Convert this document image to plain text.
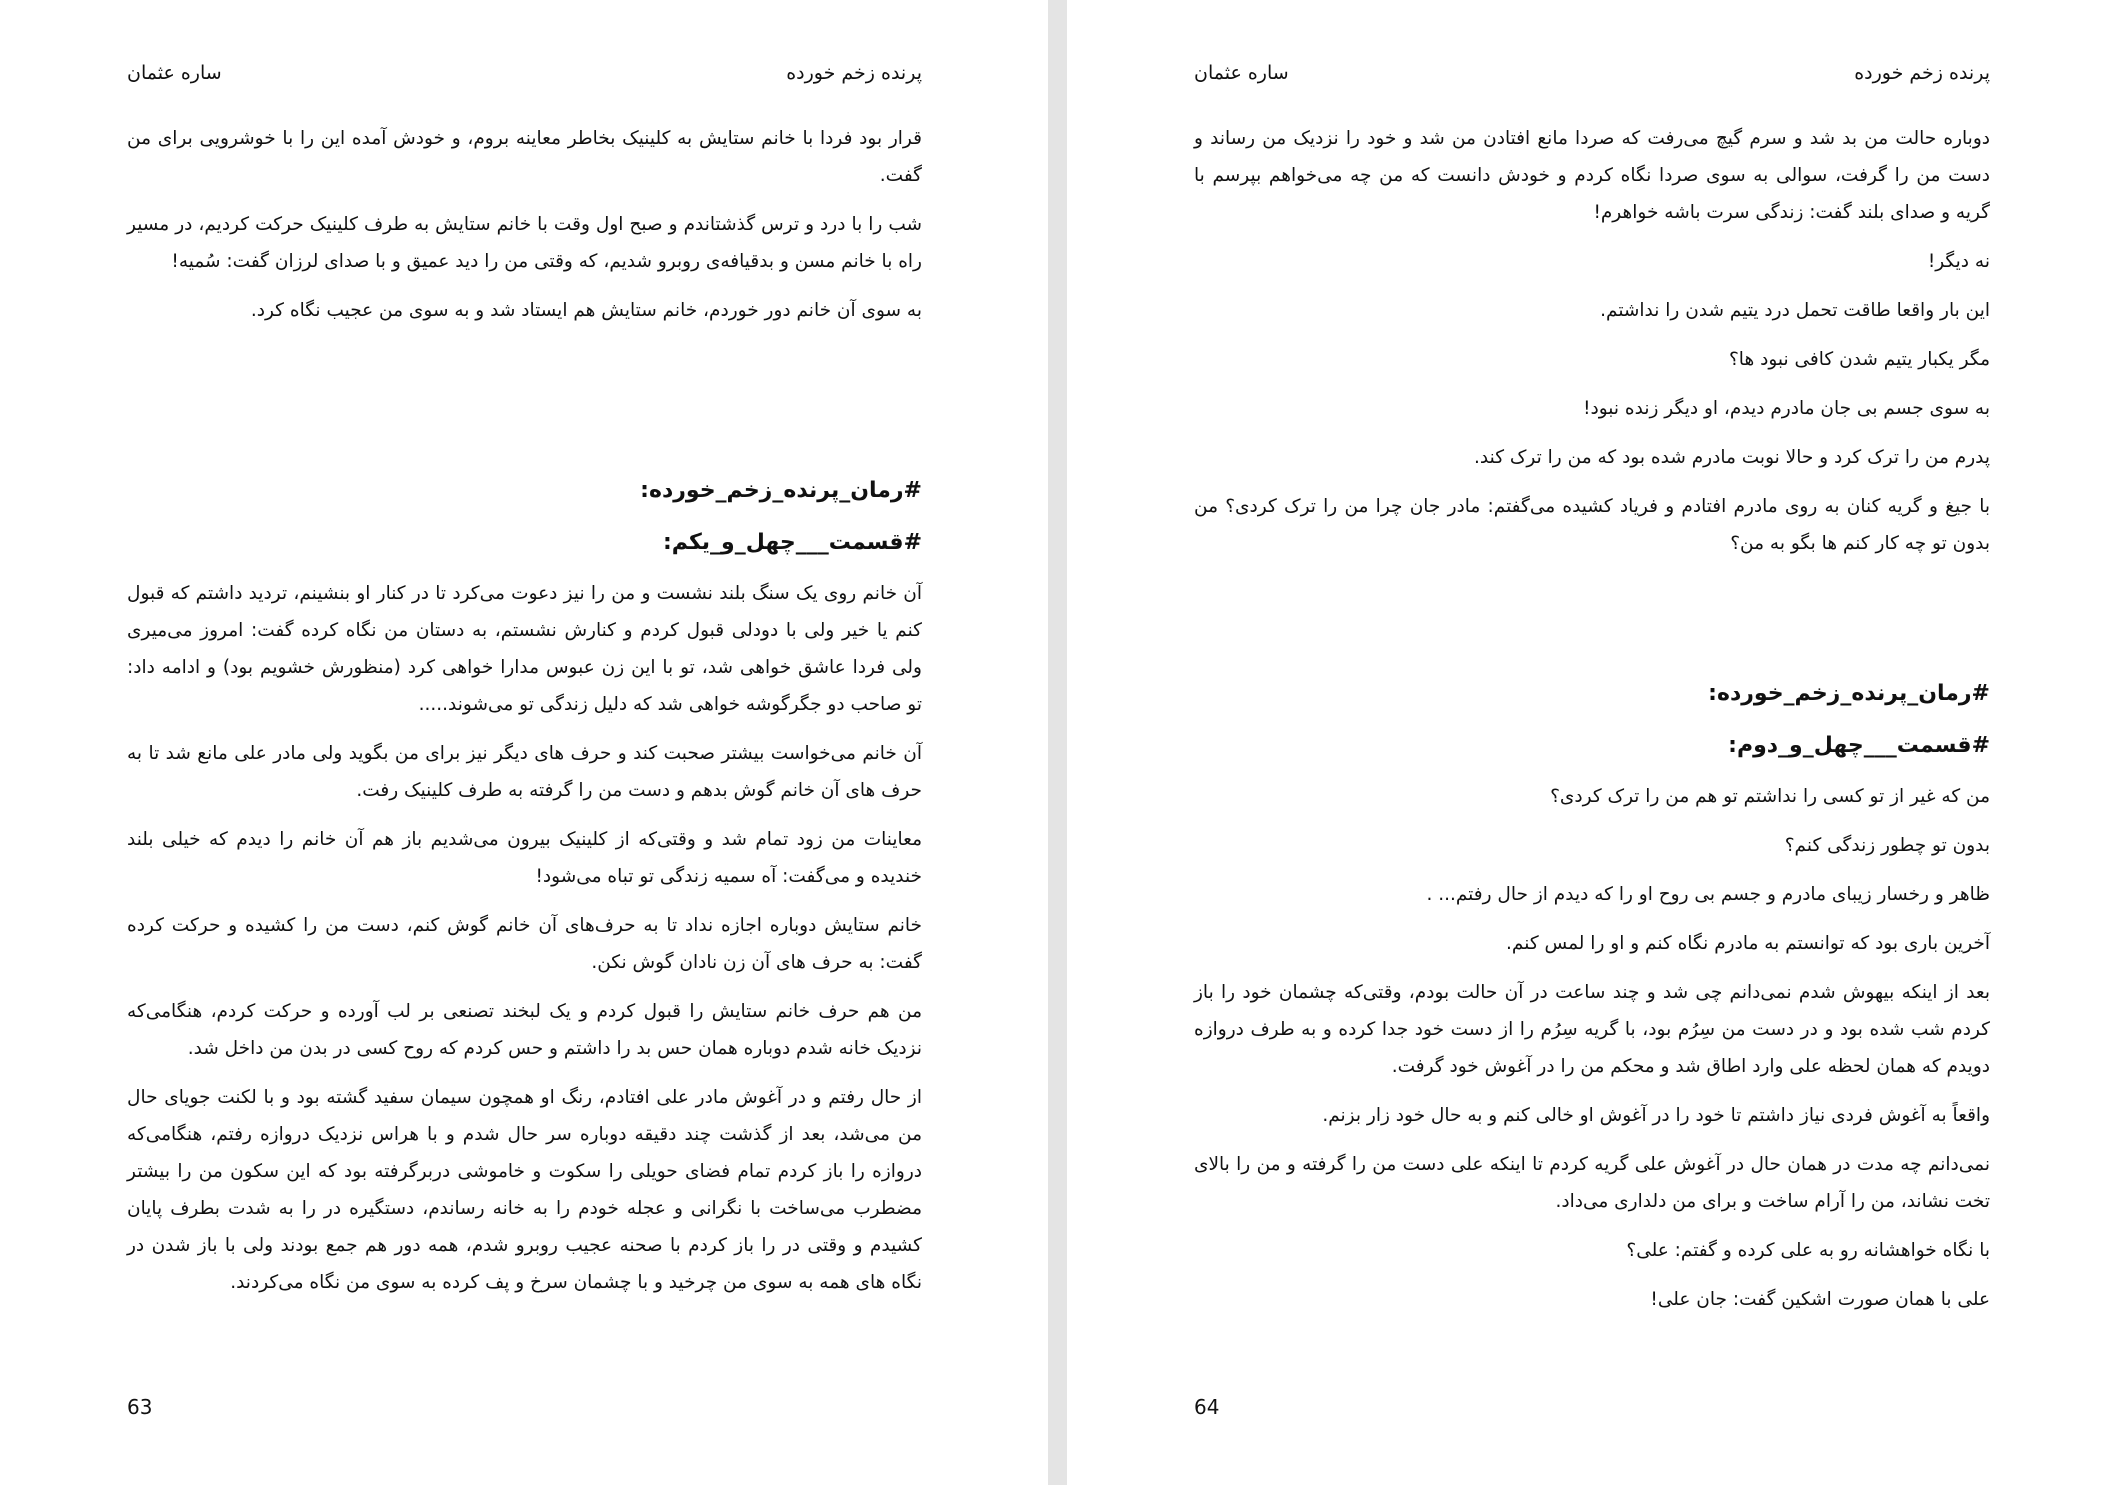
پرنده زخم خورده
ساره عثمان

قرار بود فردا با خانم ستایش به کلینیک بخاطر معاینه بروم، و خودش آمده این را با خوشرویی برای من گفت.

شب را با درد و ترس گذشتاندم و صبح اول وقت با خانم ستایش به طرف کلینیک حرکت کردیم، در مسیر راه با خانم مسن و بدقیافه‌ی روبرو شدیم، که وقتی من را دید عمیق و با صدای لرزان گفت: سُمیه!

به سوی آن خانم دور خوردم، خانم ستایش هم ایستاد شد و به سوی من عجیب نگاه کرد.

#رمان_پرنده_زخم_خورده:
#قسمت___چهل_و_یکم:

آن خانم روی یک سنگ بلند نشست و من را نیز دعوت می‌کرد تا در کنار او بنشینم، تردید داشتم که قبول کنم یا خیر ولی با دودلی قبول کردم و کنارش نشستم، به دستان من نگاه کرده گفت: امروز می‌میری ولی فردا عاشق خواهی شد، تو با این زن عبوس مدارا خواهی کرد (منظورش خشویم بود) و ادامه داد: تو صاحب دو جگرگوشه خواهی شد که دلیل زندگی تو می‌شوند.....

آن خانم می‌خواست بیشتر صحبت کند و حرف های دیگر نیز برای من بگوید ولی مادر علی مانع شد تا به حرف های آن خانم گوش بدهم و دست من را گرفته به طرف کلینیک رفت.

معاینات من زود تمام شد و وقتی‌که از کلینیک بیرون می‌شدیم باز هم آن خانم را دیدم که خیلی بلند خندیده و می‌گفت: آه سمیه زندگی تو تباه می‌شود!

خانم ستایش دوباره اجازه نداد تا به حرف‌های آن خانم گوش کنم، دست من را کشیده و حرکت کرده گفت: به حرف های آن زن نادان گوش نکن.

من هم حرف خانم ستایش را قبول کردم و یک لبخند تصنعی بر لب آورده و حرکت کردم، هنگامی‌که نزدیک خانه شدم دوباره همان حس بد را داشتم و حس کردم که روح کسی در بدن من داخل شد.

از حال رفتم و در آغوش مادر علی افتادم، رنگ او همچون سیمان سفید گشته بود و با لکنت جویای حال من می‌شد، بعد از گذشت چند دقیقه دوباره سر حال شدم و با هراس نزدیک دروازه رفتم، هنگامی‌که دروازه را باز کردم تمام فضای حویلی را سکوت و خاموشی دربرگرفته بود که این سکون من را بیشتر مضطرب می‌ساخت با نگرانی و عجله خودم را به خانه رساندم، دستگیره در را به شدت بطرف پایان کشیدم و وقتی در را باز کردم با صحنه عجیب روبرو شدم، همه دور هم جمع بودند ولی با باز شدن در نگاه های همه به سوی من چرخید و با چشمان سرخ و پف کرده به سوی من نگاه می‌کردند.

63
پرنده زخم خورده
ساره عثمان

دوباره حالت من بد شد و سرم گیچ می‌رفت که صردا مانع افتادن من شد و خود را نزدیک من رساند و دست من را گرفت، سوالی به سوی صردا نگاه کردم و خودش دانست که من چه می‌خواهم بپرسم با گریه و صدای بلند گفت: زندگی سرت باشه خواهرم!

نه دیگر!

این بار واقعا طاقت تحمل درد یتیم شدن را نداشتم.

مگر یکبار یتیم شدن کافی نبود ها؟

به سوی جسم بی جان مادرم دیدم، او دیگر زنده نبود!

پدرم من را ترک کرد و حالا نوبت مادرم شده بود که من را ترک کند.

با جیغ و گریه کنان به روی مادرم افتادم و فریاد کشیده می‌گفتم: مادر جان چرا من را ترک کردی؟ من بدون تو چه کار کنم ها بگو به من؟

#رمان_پرنده_زخم_خورده:
#قسمت___چهل_و_دوم:

من که غیر از تو کسی را نداشتم تو هم من را ترک کردی؟

بدون تو چطور زندگی کنم؟

ظاهر و رخسار زیبای مادرم و جسم بی روح او را که دیدم از حال رفتم... .

آخرین باری بود که توانستم به مادرم نگاه کنم و او را لمس کنم.

بعد از اینکه بیهوش شدم نمی‌دانم چی شد و چند ساعت در آن حالت بودم، وقتی‌که چشمان خود را باز کردم شب شده بود و در دست من سِرُم بود، با گریه سِرُم را از دست خود جدا کرده و به طرف دروازه دویدم که همان لحظه علی وارد اطاق شد و محکم من را در آغوش خود گرفت.

واقعاً به آغوش فردی نیاز داشتم تا خود را در آغوش او خالی کنم و به حال خود زار بزنم.

نمی‌دانم چه مدت در همان حال در آغوش علی گریه کردم تا اینکه علی دست من را گرفته و من را بالای تخت نشاند، من را آرام ساخت و برای من دلداری می‌داد.

با نگاه خواهشانه رو به علی کرده و گفتم: علی؟

علی با همان صورت اشکین گفت: جان علی!

64
